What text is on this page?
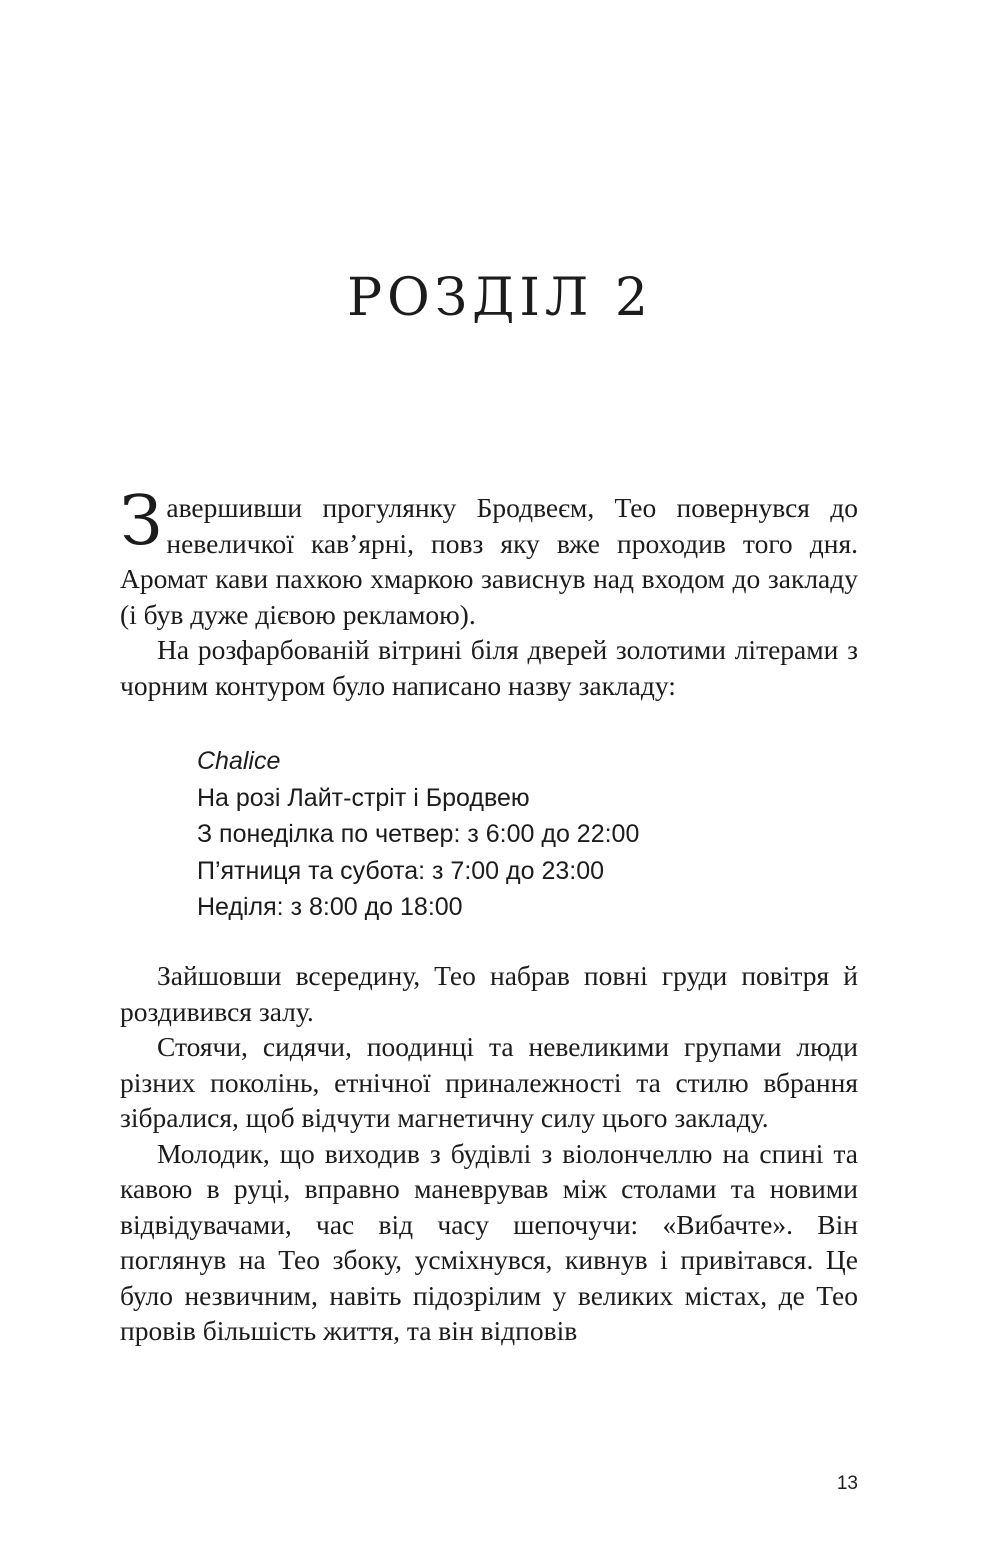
РОЗДІЛ 2

Завершивши прогулянку Бродвеєм, Тео повернувся до невеличкої кав’ярні, повз яку вже проходив того дня. Аромат кави пахкою хмаркою зависнув над входом до закладу (і був дуже дієвою рекламою).

На розфарбованій вітрині біля дверей золотими літерами з чорним контуром було написано назву закладу:

Chalice
На розі Лайт-стріт і Бродвею
З понеділка по четвер: з 6:00 до 22:00
П’ятниця та субота: з 7:00 до 23:00
Неділя: з 8:00 до 18:00

Зайшовши всередину, Тео набрав повні груди повітря й роздивився залу.

Стоячи, сидячи, поодинці та невеликими групами люди різних поколінь, етнічної приналежності та стилю вбрання зібралися, щоб відчути магнетичну силу цього закладу.

Молодик, що виходив з будівлі з віолончеллю на спині та кавою в руці, вправно маневрував між столами та новими відвідувачами, час від часу шепочучи: «Вибачте». Він поглянув на Тео збоку, усміхнувся, кивнув і привітався. Це було незвичним, навіть підозрілим у великих містах, де Тео провів більшість життя, та він відповів

13
